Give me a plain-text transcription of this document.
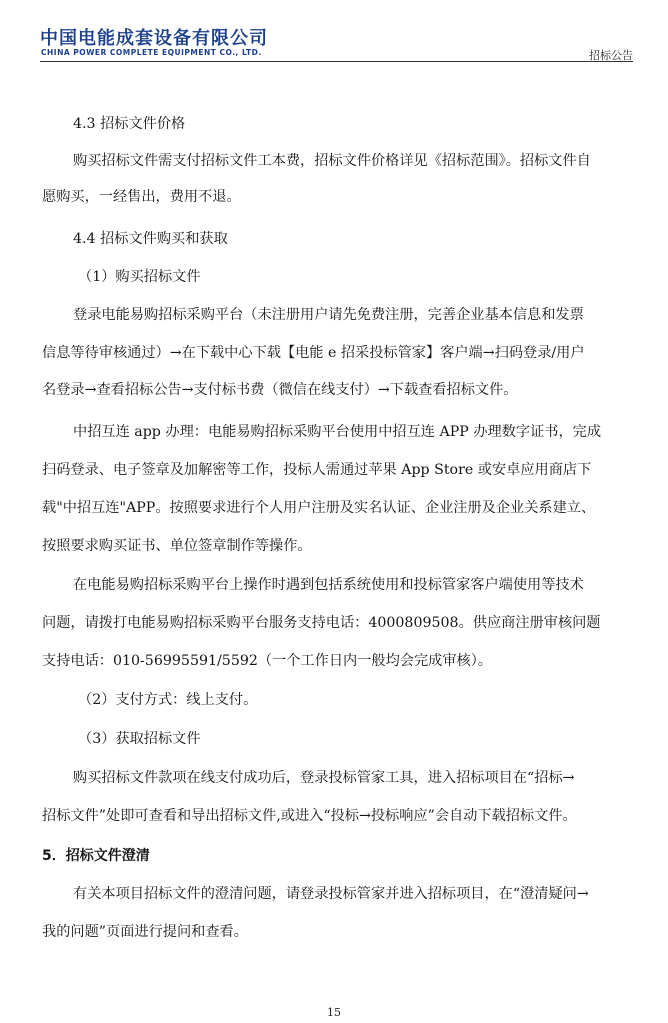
中国电能成套设备有限公司
CHINA POWER COMPLETE EQUIPMENT CO., LTD.	招标公告
4.3 招标文件价格
购买招标文件需支付招标文件工本费，招标文件价格详见《招标范围》。招标文件自
愿购买，一经售出，费用不退。
4.4 招标文件购买和获取
（1）购买招标文件
登录电能易购招标采购平台（未注册用户请先免费注册，完善企业基本信息和发票
信息等待审核通过）→在下载中心下载【电能 e 招采投标管家】客户端→扫码登录/用户
名登录→查看招标公告→支付标书费（微信在线支付）→下载查看招标文件。
中招互连 app 办理：电能易购招标采购平台使用中招互连 APP 办理数字证书，完成
扫码登录、电子签章及加解密等工作，投标人需通过苹果 App Store 或安卓应用商店下
载"中招互连"APP。按照要求进行个人用户注册及实名认证、企业注册及企业关系建立、
按照要求购买证书、单位签章制作等操作。
在电能易购招标采购平台上操作时遇到包括系统使用和投标管家客户端使用等技术
问题，请拨打电能易购招标采购平台服务支持电话：4000809508。供应商注册审核问题
支持电话：010-56995591/5592（一个工作日内一般均会完成审核）。
（2）支付方式：线上支付。
（3）获取招标文件
购买招标文件款项在线支付成功后，登录投标管家工具，进入招标项目在“招标→
招标文件”处即可查看和导出招标文件,或进入“投标→投标响应”会自动下载招标文件。
5．招标文件澄清
有关本项目招标文件的澄清问题，请登录投标管家并进入招标项目，在“澄清疑问→
我的问题”页面进行提问和查看。
15
